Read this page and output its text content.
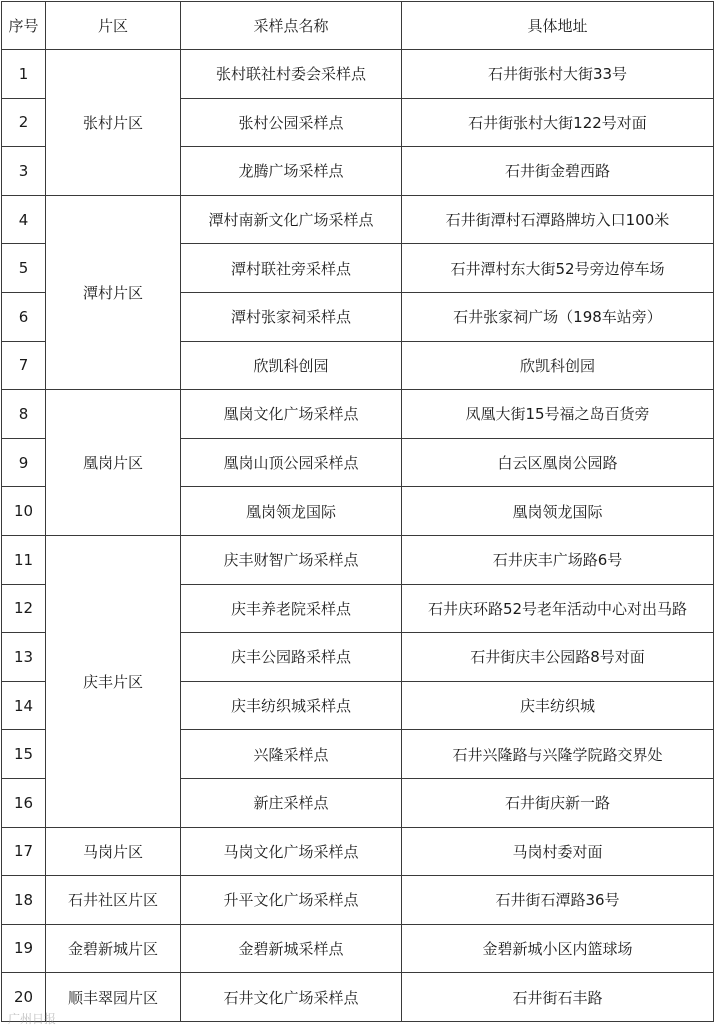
序号	片区	采样点名称	具体地址
1	张村片区	张村联社村委会采样点	石井街张村大街33号
2		张村公园采样点	石井街张村大街122号对面
3		龙腾广场采样点	石井街金碧西路
4	潭村片区	潭村南新文化广场采样点	石井街潭村石潭路牌坊入口100米
5		潭村联社旁采样点	石井潭村东大街52号旁边停车场
6		潭村张家祠采样点	石井张家祠广场（198车站旁）
7		欣凯科创园	欣凯科创园
8	凰岗片区	凰岗文化广场采样点	凤凰大街15号福之岛百货旁
9		凰岗山顶公园采样点	白云区凰岗公园路
10		凰岗领龙国际	凰岗领龙国际
11	庆丰片区	庆丰财智广场采样点	石井庆丰广场路6号
12		庆丰养老院采样点	石井庆环路52号老年活动中心对出马路
13		庆丰公园路采样点	石井街庆丰公园路8号对面
14		庆丰纺织城采样点	庆丰纺织城
15		兴隆采样点	石井兴隆路与兴隆学院路交界处
16		新庄采样点	石井街庆新一路
17	马岗片区	马岗文化广场采样点	马岗村委对面
18	石井社区片区	升平文化广场采样点	石井街石潭路36号
19	金碧新城片区	金碧新城采样点	金碧新城小区内篮球场
20	顺丰翠园片区	石井文化广场采样点	石井街石丰路
广州日报
